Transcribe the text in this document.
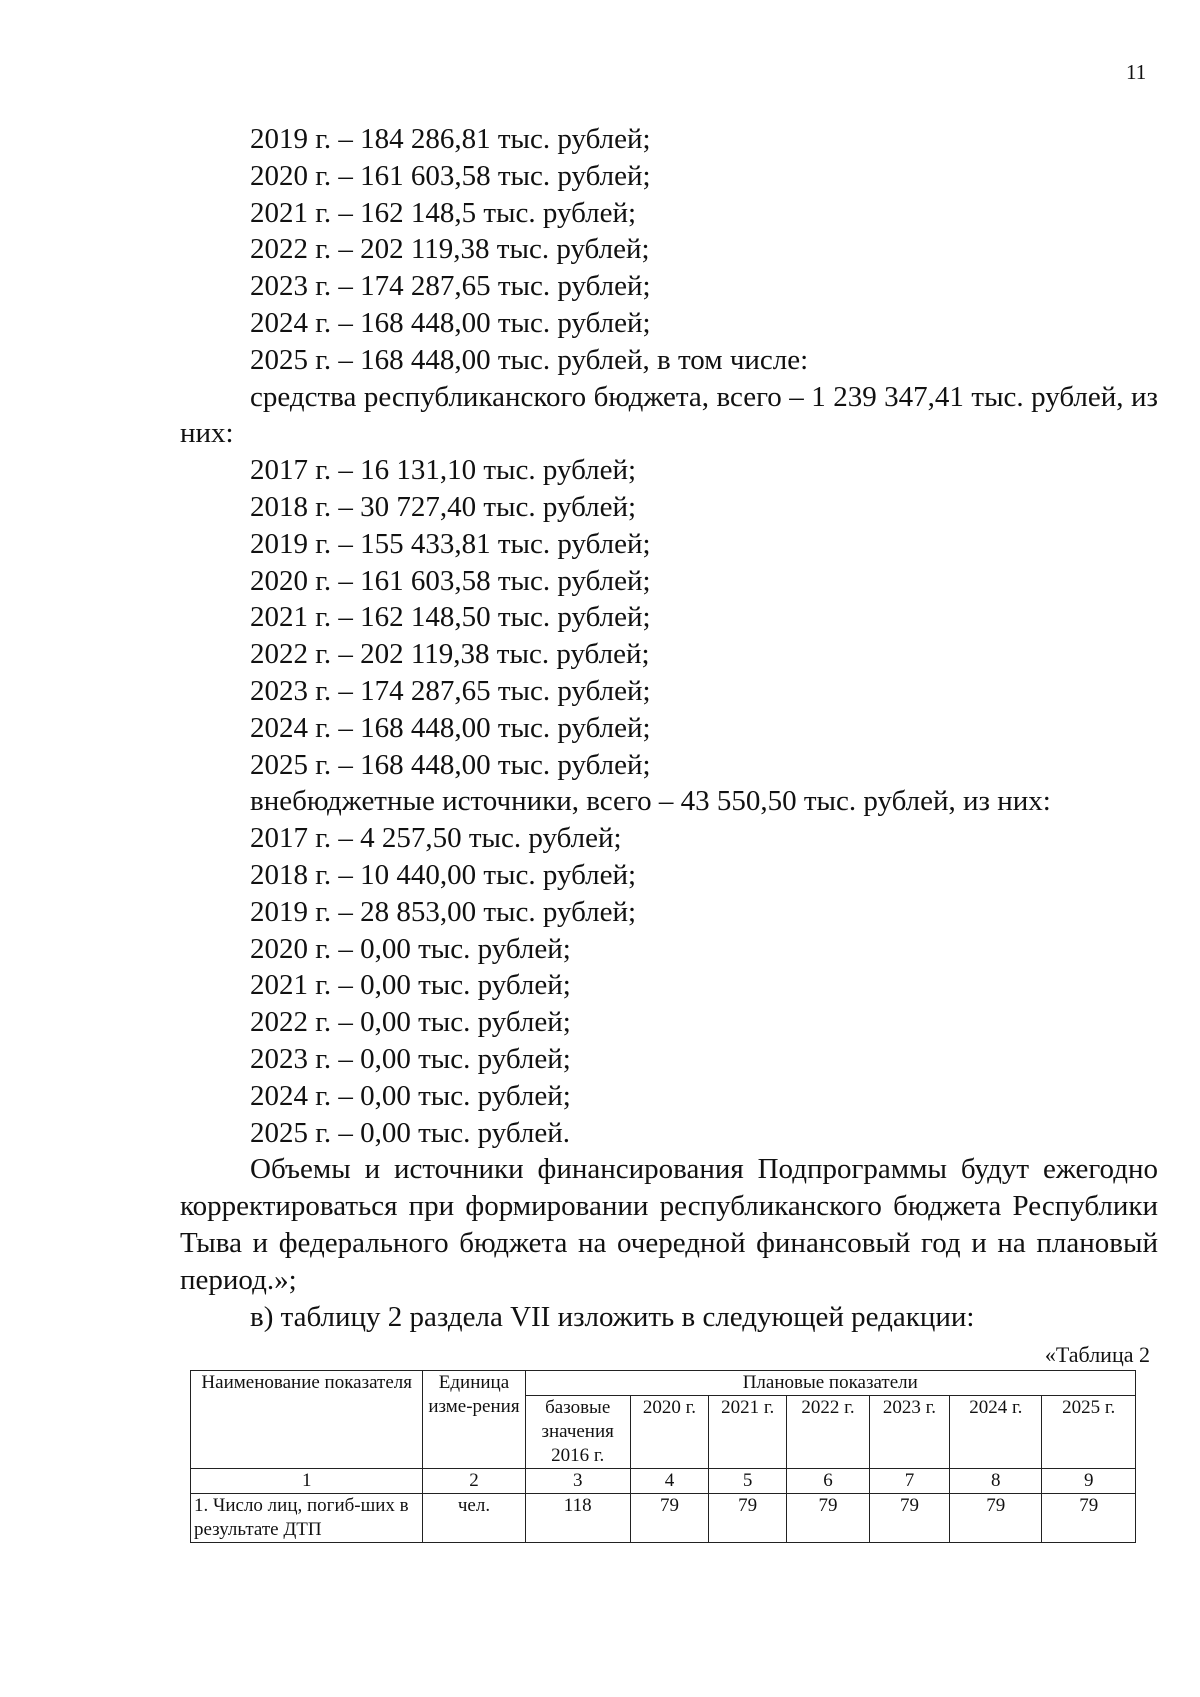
11
2019 г. – 184 286,81 тыс. рублей;
2020 г. – 161 603,58 тыс. рублей;
2021 г. – 162 148,5 тыс. рублей;
2022 г. – 202 119,38 тыс. рублей;
2023 г. – 174 287,65 тыс. рублей;
2024 г. – 168 448,00 тыс. рублей;
2025 г. – 168 448,00 тыс. рублей, в том числе:
средства республиканского бюджета, всего – 1 239 347,41 тыс. рублей, из
них:
2017 г. – 16 131,10 тыс. рублей;
2018 г. – 30 727,40 тыс. рублей;
2019 г. – 155 433,81 тыс. рублей;
2020 г. – 161 603,58 тыс. рублей;
2021 г. – 162 148,50 тыс. рублей;
2022 г. – 202 119,38 тыс. рублей;
2023 г. – 174 287,65 тыс. рублей;
2024 г. – 168 448,00 тыс. рублей;
2025 г. – 168 448,00 тыс. рублей;
внебюджетные источники, всего – 43 550,50 тыс. рублей, из них:
2017 г. – 4 257,50 тыс. рублей;
2018 г. – 10 440,00 тыс. рублей;
2019 г. – 28 853,00 тыс. рублей;
2020 г. – 0,00 тыс. рублей;
2021 г. – 0,00 тыс. рублей;
2022 г. – 0,00 тыс. рублей;
2023 г. – 0,00 тыс. рублей;
2024 г. – 0,00 тыс. рублей;
2025 г. – 0,00 тыс. рублей.
Объемы и источники финансирования Подпрограммы будут ежегодно
корректироваться при формировании республиканского бюджета Республики
Тыва и федерального бюджета на очередной финансовый год и на плановый
период.»;
в) таблицу 2 раздела VII изложить в следующей редакции:
«Таблица 2
Наименование показателя	Единица изме-рения	Плановые показатели						
		базовые значения 2016 г.	2020 г.	2021 г.	2022 г.	2023 г.	2024 г.	2025 г.
1	2	3	4	5	6	7	8	9
1. Число лиц, погиб-ших в результате ДТП	чел.	118	79	79	79	79	79	79
